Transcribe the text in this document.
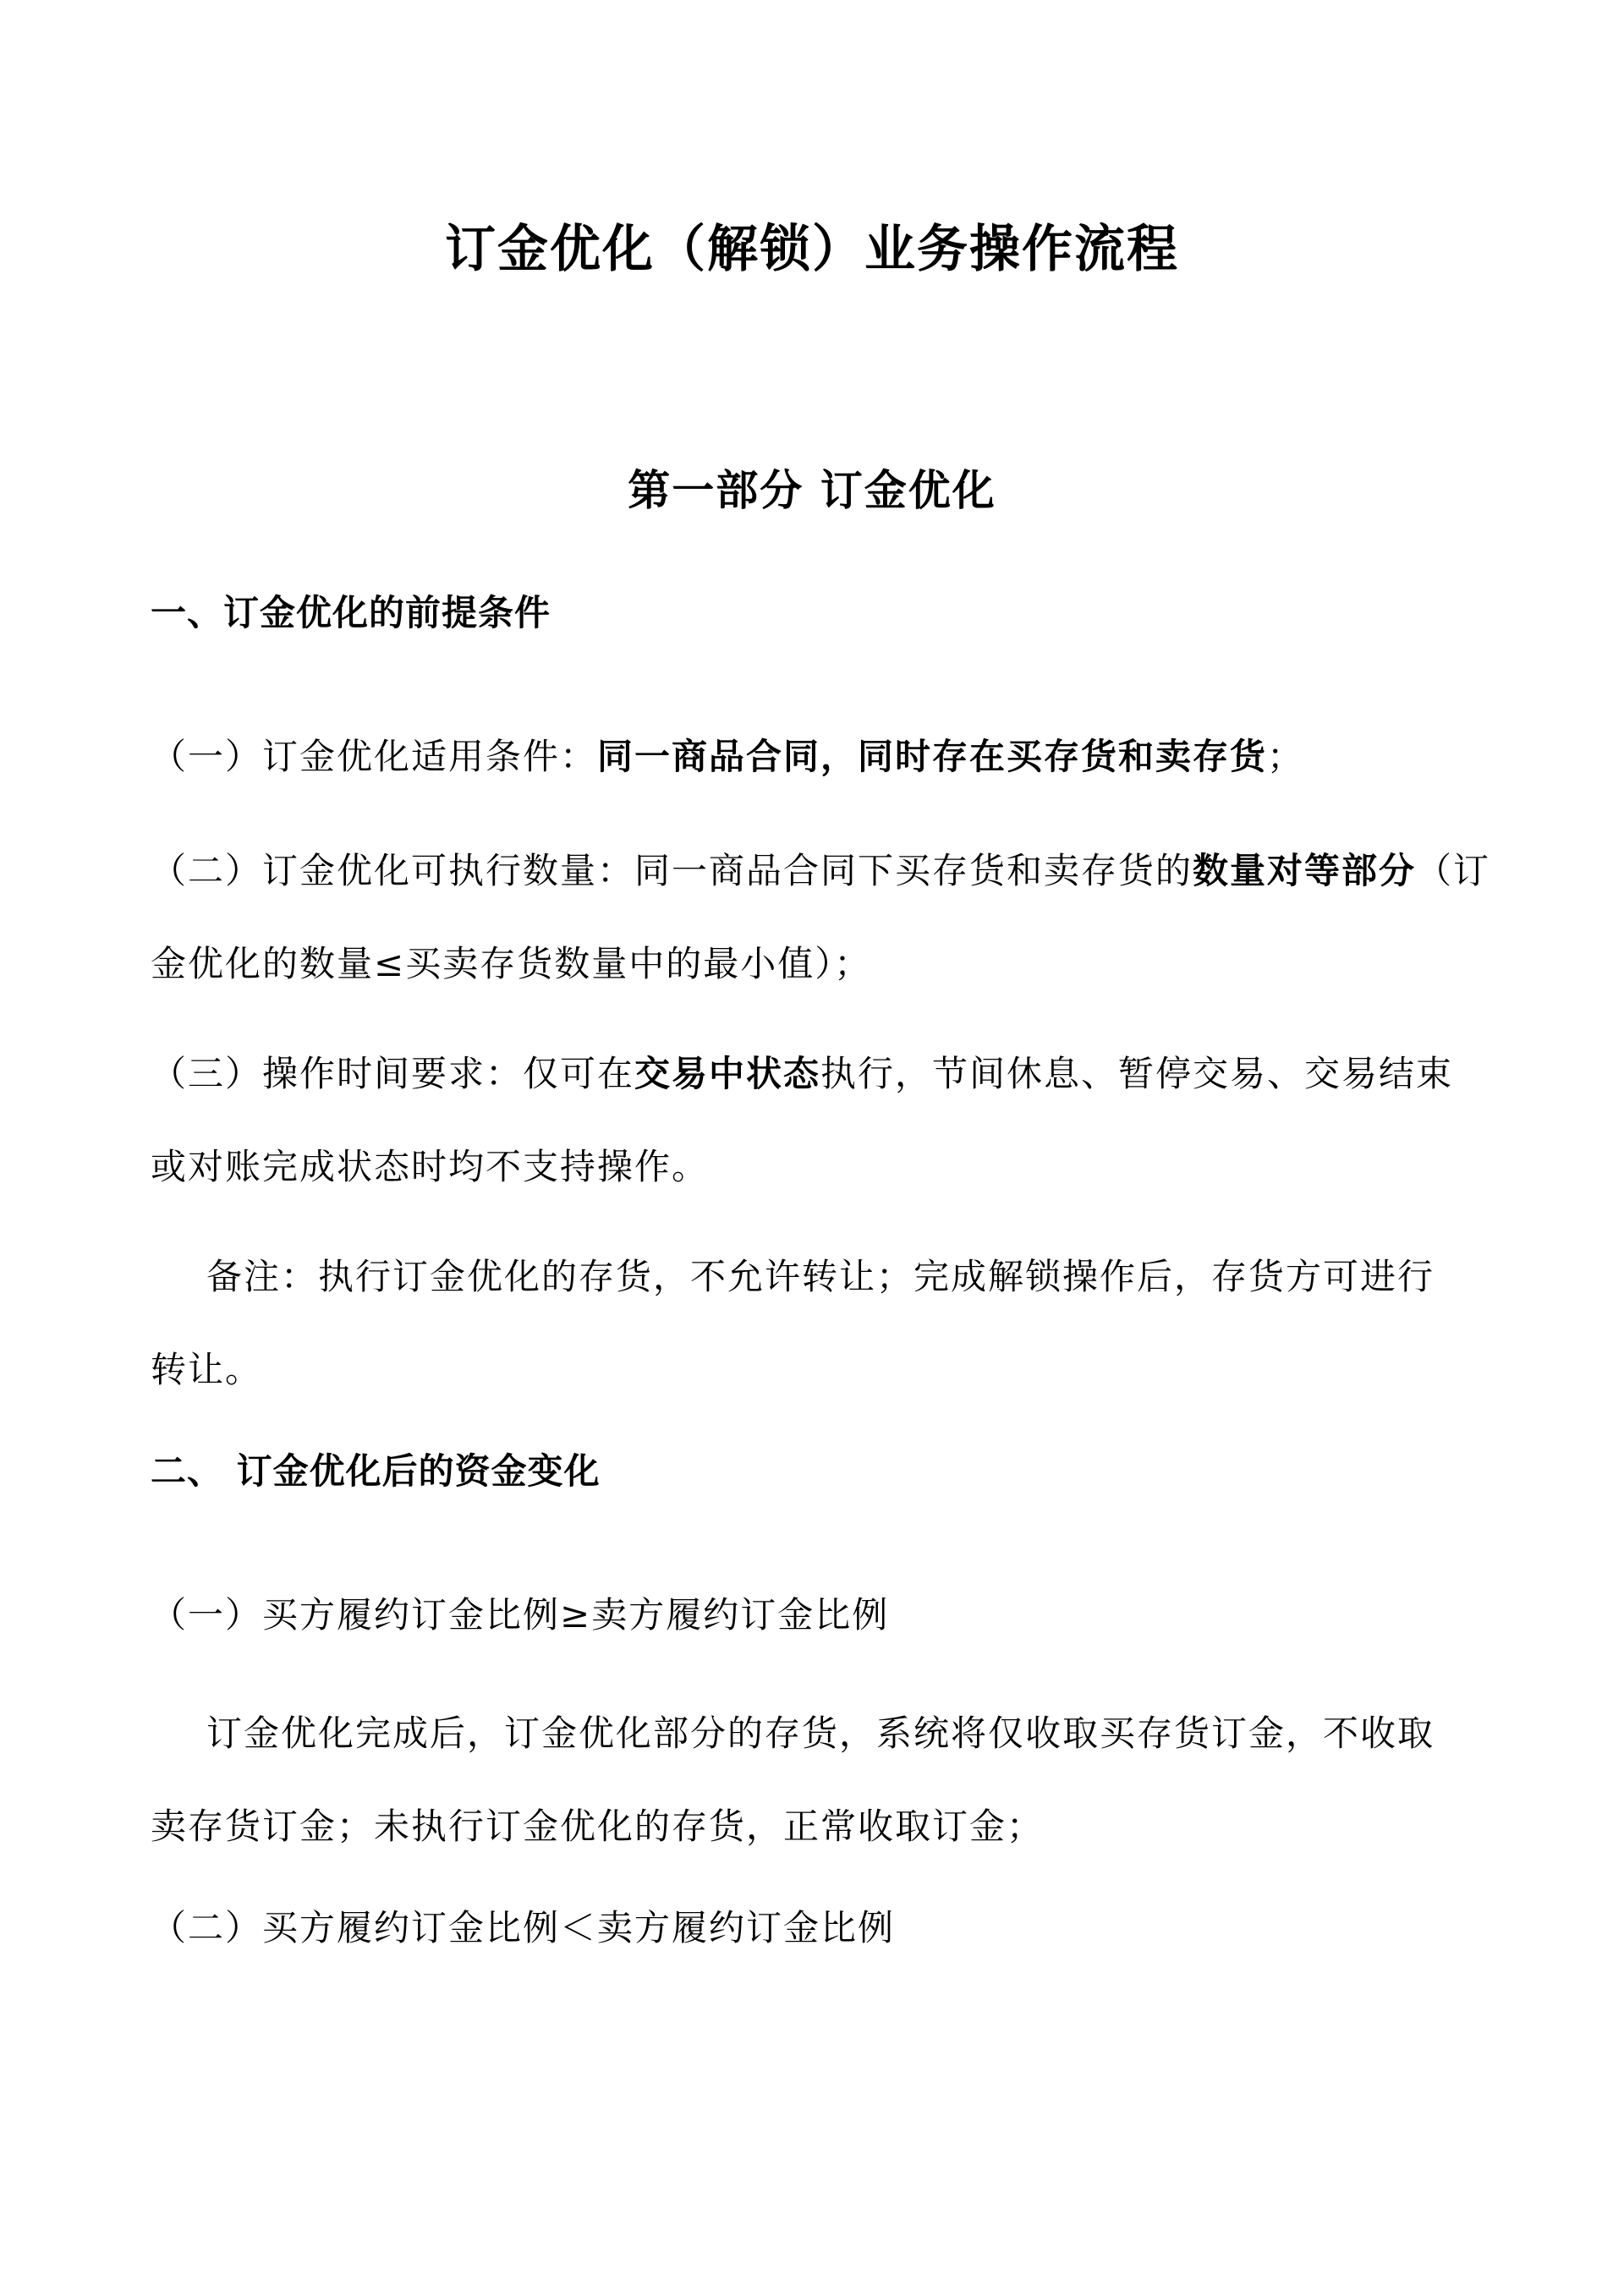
订金优化（解锁）业务操作流程
第一部分 订金优化
一、订金优化的前提条件
（一）订金优化适用条件：同一商品合同，同时存在买存货和卖存货；
（二）订金优化可执行数量：同一商品合同下买存货和卖存货的数量对等部分（订
金优化的数量≤买卖存货数量中的最小值）；
（三）操作时间要求：仅可在交易中状态执行，节间休息、暂停交易、交易结束
或对账完成状态时均不支持操作。
备注：执行订金优化的存货，不允许转让；完成解锁操作后，存货方可进行
转让。
二、 订金优化后的资金变化
（一）买方履约订金比例≥卖方履约订金比例
订金优化完成后，订金优化部分的存货，系统将仅收取买存货订金，不收取
卖存货订金；未执行订金优化的存货，正常收取订金；
（二）买方履约订金比例＜卖方履约订金比例
